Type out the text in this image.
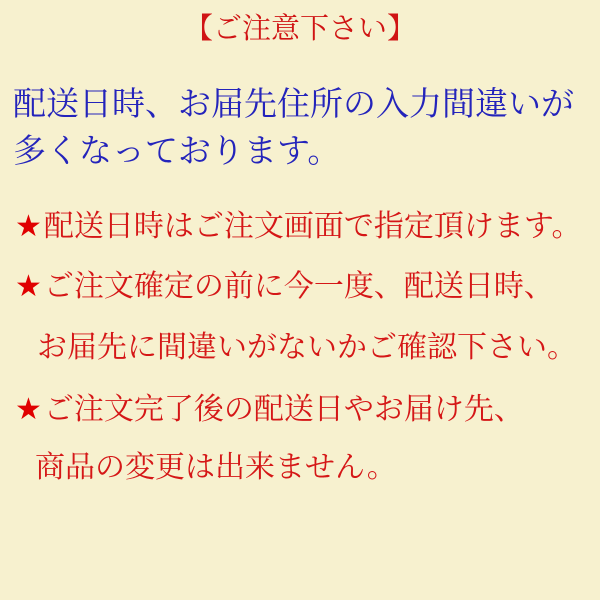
【ご注意下さい】
配送日時、お届先住所の入力間違いが
多くなっております。
★配送日時はご注文画面で指定頂けます。
★ご注文確定の前に今一度、配送日時、
お届先に間違いがないかご確認下さい。
★ご注文完了後の配送日やお届け先、
商品の変更は出来ません。
